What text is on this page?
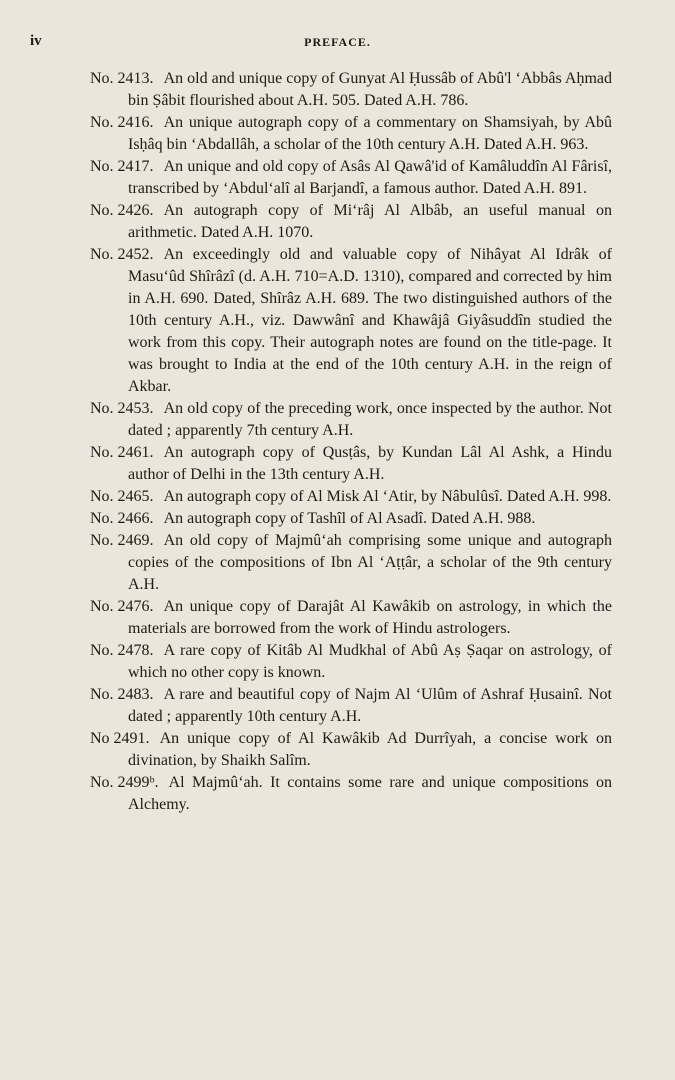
iv	PREFACE.
No. 2413. An old and unique copy of Gunyat Al Ḥussâb of Abû'l ‘Abbâs Aḥmad bin Ṣâbit flourished about A.H. 505. Dated A.H. 786.
No. 2416. An unique autograph copy of a commentary on Shamsiyah, by Abû Isḥâq bin ‘Abdallâh, a scholar of the 10th century A.H. Dated A.H. 963.
No. 2417. An unique and old copy of Asâs Al Qawâ'id of Kamâluddîn Al Fârisî, transcribed by ‘Abdul‘alî al Barjandî, a famous author. Dated A.H. 891.
No. 2426. An autograph copy of Mi‘râj Al Albâb, an useful manual on arithmetic. Dated A.H. 1070.
No. 2452. An exceedingly old and valuable copy of Nihâyat Al Idrâk of Masu‘ûd Shîrâzî (d. A.H. 710=A.D. 1310), compared and corrected by him in A.H. 690. Dated, Shîrâz A.H. 689. The two distinguished authors of the 10th century A.H., viz. Dawwânî and Khawâjâ Giyâsuddîn studied the work from this copy. Their autograph notes are found on the title-page. It was brought to India at the end of the 10th century A.H. in the reign of Akbar.
No. 2453. An old copy of the preceding work, once inspected by the author. Not dated ; apparently 7th century A.H.
No. 2461. An autograph copy of Qusṭâs, by Kundan Lâl Al Ashk, a Hindu author of Delhi in the 13th century A.H.
No. 2465. An autograph copy of Al Misk Al ‘Atir, by Nâbulûsî. Dated A.H. 998.
No. 2466. An autograph copy of Tashîl of Al Asadî. Dated A.H. 988.
No. 2469. An old copy of Majmû‘ah comprising some unique and autograph copies of the compositions of Ibn Al ‘Aṭṭâr, a scholar of the 9th century A.H.
No. 2476. An unique copy of Darajât Al Kawâkib on astrology, in which the materials are borrowed from the work of Hindu astrologers.
No. 2478. A rare copy of Kitâb Al Mudkhal of Abû Aṣ Ṣaqar on astrology, of which no other copy is known.
No. 2483. A rare and beautiful copy of Najm Al ‘Ulûm of Ashraf Ḥusainî. Not dated ; apparently 10th century A.H.
No 2491. An unique copy of Al Kawâkib Ad Durrîyah, a concise work on divination, by Shaikh Salîm.
No. 2499ᵇ. Al Majmû‘ah. It contains some rare and unique compositions on Alchemy.
